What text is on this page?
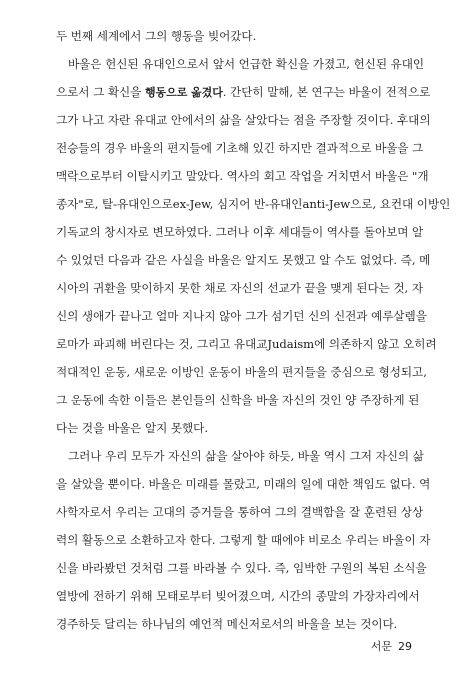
두 번째 세계에서 그의 행동을 빚어갔다.
바울은 헌신된 유대인으로서 앞서 언급한 확신을 가졌고, 헌신된 유대인
으로서 그 확신을 행동으로 옮겼다. 간단히 말해, 본 연구는 바울이 전적으로
그가 나고 자란 유대교 안에서의 삶을 살았다는 점을 주장할 것이다. 후대의
전승들의 경우 바울의 편지들에 기초해 있긴 하지만 결과적으로 바울을 그
맥락으로부터 이탈시키고 말았다. 역사의 회고 작업을 거치면서 바울은 "개
종자"로, 탈-유대인으로ex-Jew, 심지어 반-유대인anti-Jew으로, 요컨대 이방인
기독교의 창시자로 변모하였다. 그러나 이후 세대들이 역사를 돌아보며 알
수 있었던 다음과 같은 사실을 바울은 알지도 못했고 알 수도 없었다. 즉, 메
시아의 귀환을 맞이하지 못한 채로 자신의 선교가 끝을 맺게 된다는 것, 자
신의 생애가 끝나고 얼마 지나지 않아 그가 섬기던 신의 신전과 예루살렘을
로마가 파괴해 버린다는 것, 그리고 유대교Judaism에 의존하지 않고 오히려
적대적인 운동, 새로운 이방인 운동이 바울의 편지들을 중심으로 형성되고,
그 운동에 속한 이들은 본인들의 신학을 바울 자신의 것인 양 주장하게 된
다는 것을 바울은 알지 못했다.
그러나 우리 모두가 자신의 삶을 살아야 하듯, 바울 역시 그저 자신의 삶
을 살았을 뿐이다. 바울은 미래를 몰랐고, 미래의 일에 대한 책임도 없다. 역
사학자로서 우리는 고대의 증거들을 통하여 그의 결백함을 잘 훈련된 상상
력의 활동으로 소환하고자 한다. 그렇게 할 때에야 비로소 우리는 바울이 자
신을 바라봤던 것처럼 그를 바라볼 수 있다. 즉, 임박한 구원의 복된 소식을
열방에 전하기 위해 모태로부터 빚어졌으며, 시간의 종말의 가장자리에서
경주하듯 달리는 하나님의 예언적 메신저로서의 바울을 보는 것이다.
서문 29
